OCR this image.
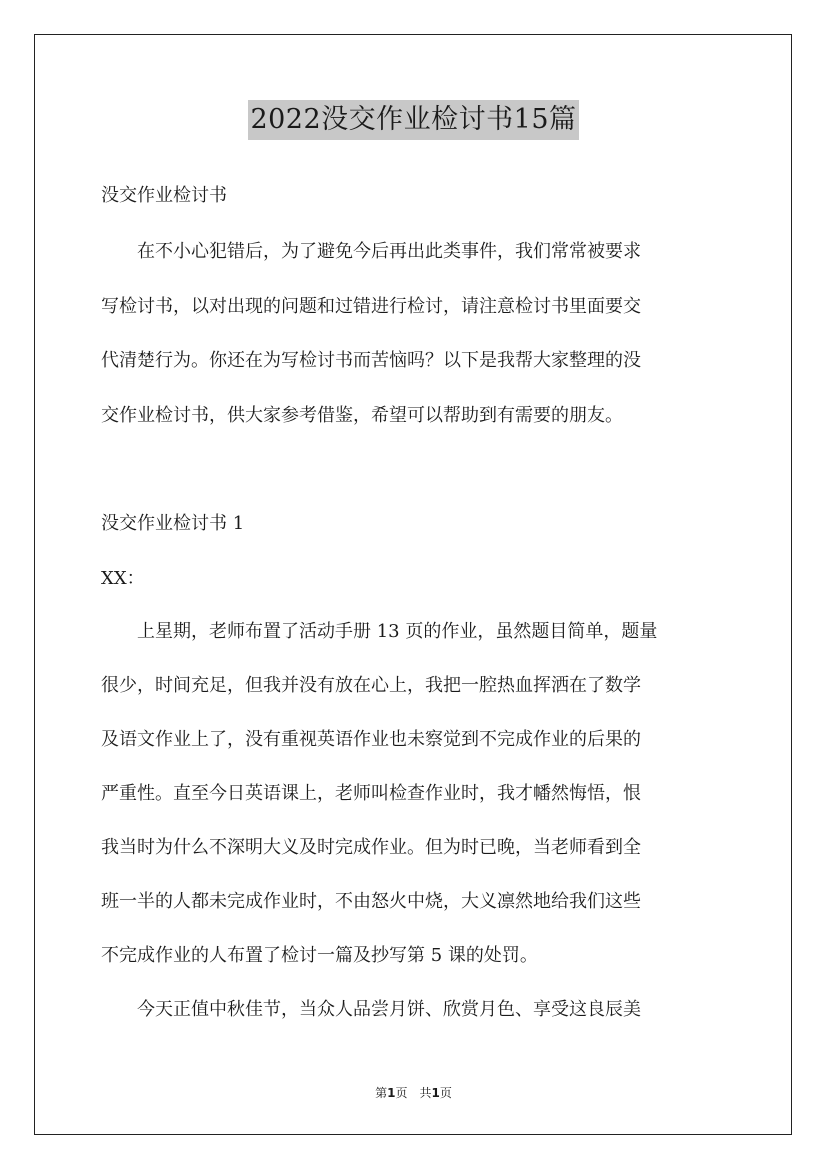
2022没交作业检讨书15篇
没交作业检讨书
　　在不小心犯错后，为了避免今后再出此类事件，我们常常被要求
写检讨书，以对出现的问题和过错进行检讨，请注意检讨书里面要交
代清楚行为。你还在为写检讨书而苦恼吗？以下是我帮大家整理的没
交作业检讨书，供大家参考借鉴，希望可以帮助到有需要的朋友。
没交作业检讨书 1
XX：
　　上星期，老师布置了活动手册 13 页的作业，虽然题目简单，题量
很少，时间充足，但我并没有放在心上，我把一腔热血挥洒在了数学
及语文作业上了，没有重视英语作业也未察觉到不完成作业的后果的
严重性。直至今日英语课上，老师叫检查作业时，我才幡然悔悟，恨
我当时为什么不深明大义及时完成作业。但为时已晚，当老师看到全
班一半的人都未完成作业时，不由怒火中烧，大义凛然地给我们这些
不完成作业的人布置了检讨一篇及抄写第 5 课的处罚。
　　今天正值中秋佳节，当众人品尝月饼、欣赏月色、享受这良辰美
第1页　共1页
